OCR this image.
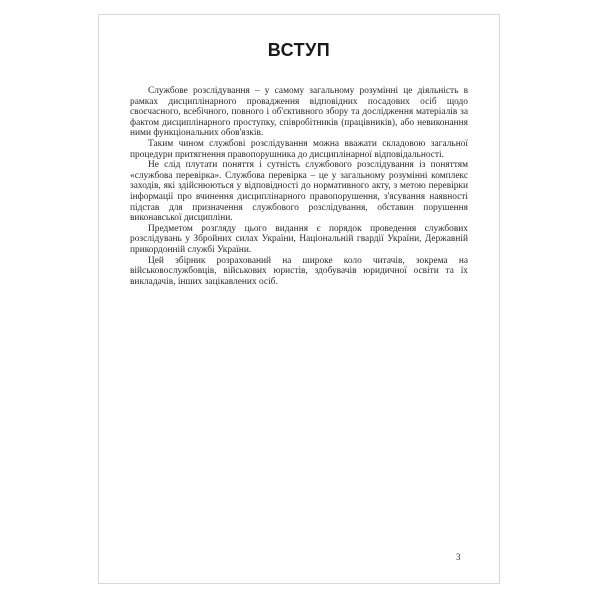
ВСТУП

Службове розслідування – у самому загальному розумінні це діяльність в рамках дисциплінарного провадження відповідних посадових осіб щодо своєчасного, всебічного, повного і об'єктивного збору та дослідження матеріалів за фактом дисциплінарного проступку, співробітників (працівників), або невиконання ними функціональних обов'язків.

Таким чином службові розслідування можна вважати складовою загальної процедури притягнення правопорушника до дисциплінарної відповідальності.

Не слід плутати поняття і сутність службового розслідування із поняттям «службова перевірка». Службова перевірка – це у загальному розумінні комплекс заходів, які здійснюються у відповідності до нормативного акту, з метою перевірки інформації про вчинення дисциплінарного правопорушення, з'ясування наявності підстав для призначення службового розслідування, обставин порушення виконавської дисципліни.

Предметом розгляду цього видання є порядок проведення службових розслідувань у Збройних силах України, Національній гвардії України, Державній прикордонній службі України.

Цей збірник розрахований на широке коло читачів, зокрема на військовослужбовців, військових юристів, здобувачів юридичної освіти та їх викладачів, інших зацікавлених осіб.

3
